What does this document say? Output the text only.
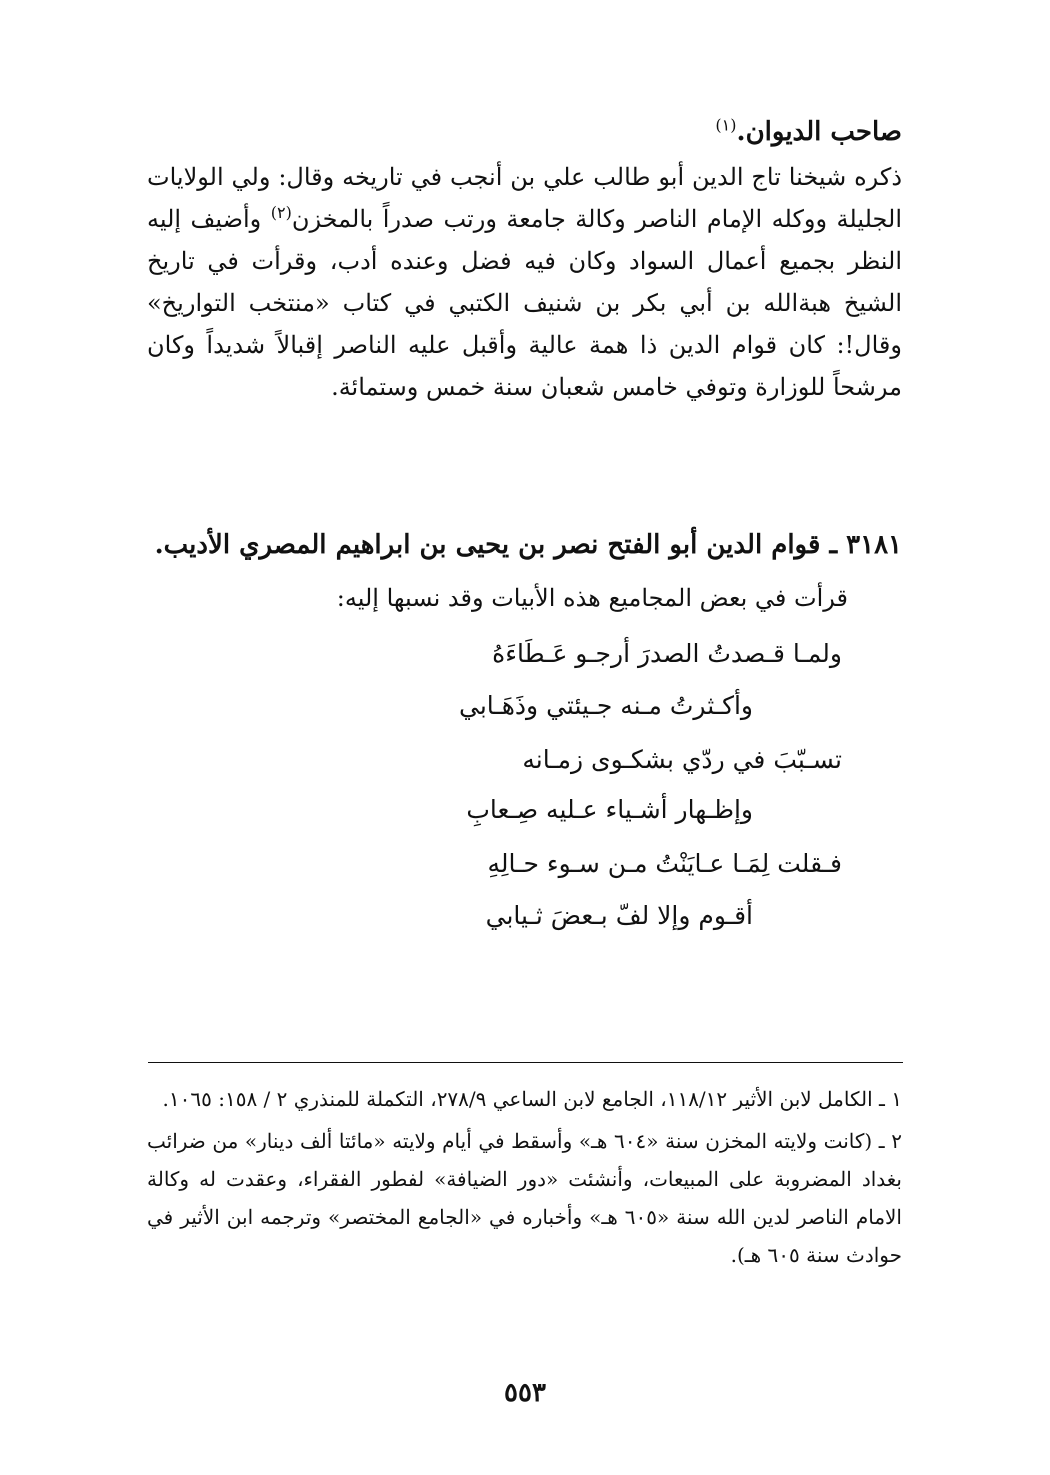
صاحب الديوان.$^{(١)}$
ذكره شيخنا تاج الدين أبو طالب علي بن أنجب في تاريخه وقال: ولي الولايات الجليلة ووكله الإمام الناصر وكالة جامعة ورتب صدراً بالمخزن$^{(٢)}$ وأضيف إليه النظر بجميع أعمال السواد وكان فيه فضل وعنده أدب، وقرأت في تاريخ الشيخ هبةالله بن أبي بكر بن شنيف الكتبي في كتاب «منتخب التواريخ» وقال!: كان قوام الدين ذا همة عالية وأقبل عليه الناصر إقبالاً شديداً وكان مرشحاً للوزارة وتوفي خامس شعبان سنة خمس وستمائة.
٣١٨١ ـ قوام الدين أبو الفتح نصر بن يحيى بن ابراهيم المصري الأديب.
قرأت في بعض المجاميع هذه الأبيات وقد نسبها إليه:
ولمـا قـصدتُ الصدرَ أرجـو عَـطَاءَهُ
وأكـثرتُ مـنه جـيئتي وذَهَـابي
تسـبّبَ في ردّي بشكـوى زمـانه
وإظـهار أشـياء عـليه صِـعابِ
فـقلت لِمَـا عـايَنْتُ مـن سـوء حـالِهِ
أقـوم وإلا لفّ بـعضَ ثـيابي
١ ـ الكامل لابن الأثير ١١٨/١٢، الجامع لابن الساعي ٢٧٨/٩، التكملة للمنذري ٢ / ١٥٨: ١٠٦٥.
٢ ـ (كانت ولايته المخزن سنة «٦٠٤ هـ» وأسقط في أيام ولايته «مائتا ألف دينار» من ضرائب بغداد المضروبة على المبيعات، وأنشئت «دور الضيافة» لفطور الفقراء، وعقدت له وكالة الامام الناصر لدين الله سنة «٦٠٥ هـ» وأخباره في «الجامع المختصر» وترجمه ابن الأثير في حوادث سنة ٦٠٥ هـ).
٥٥٣
